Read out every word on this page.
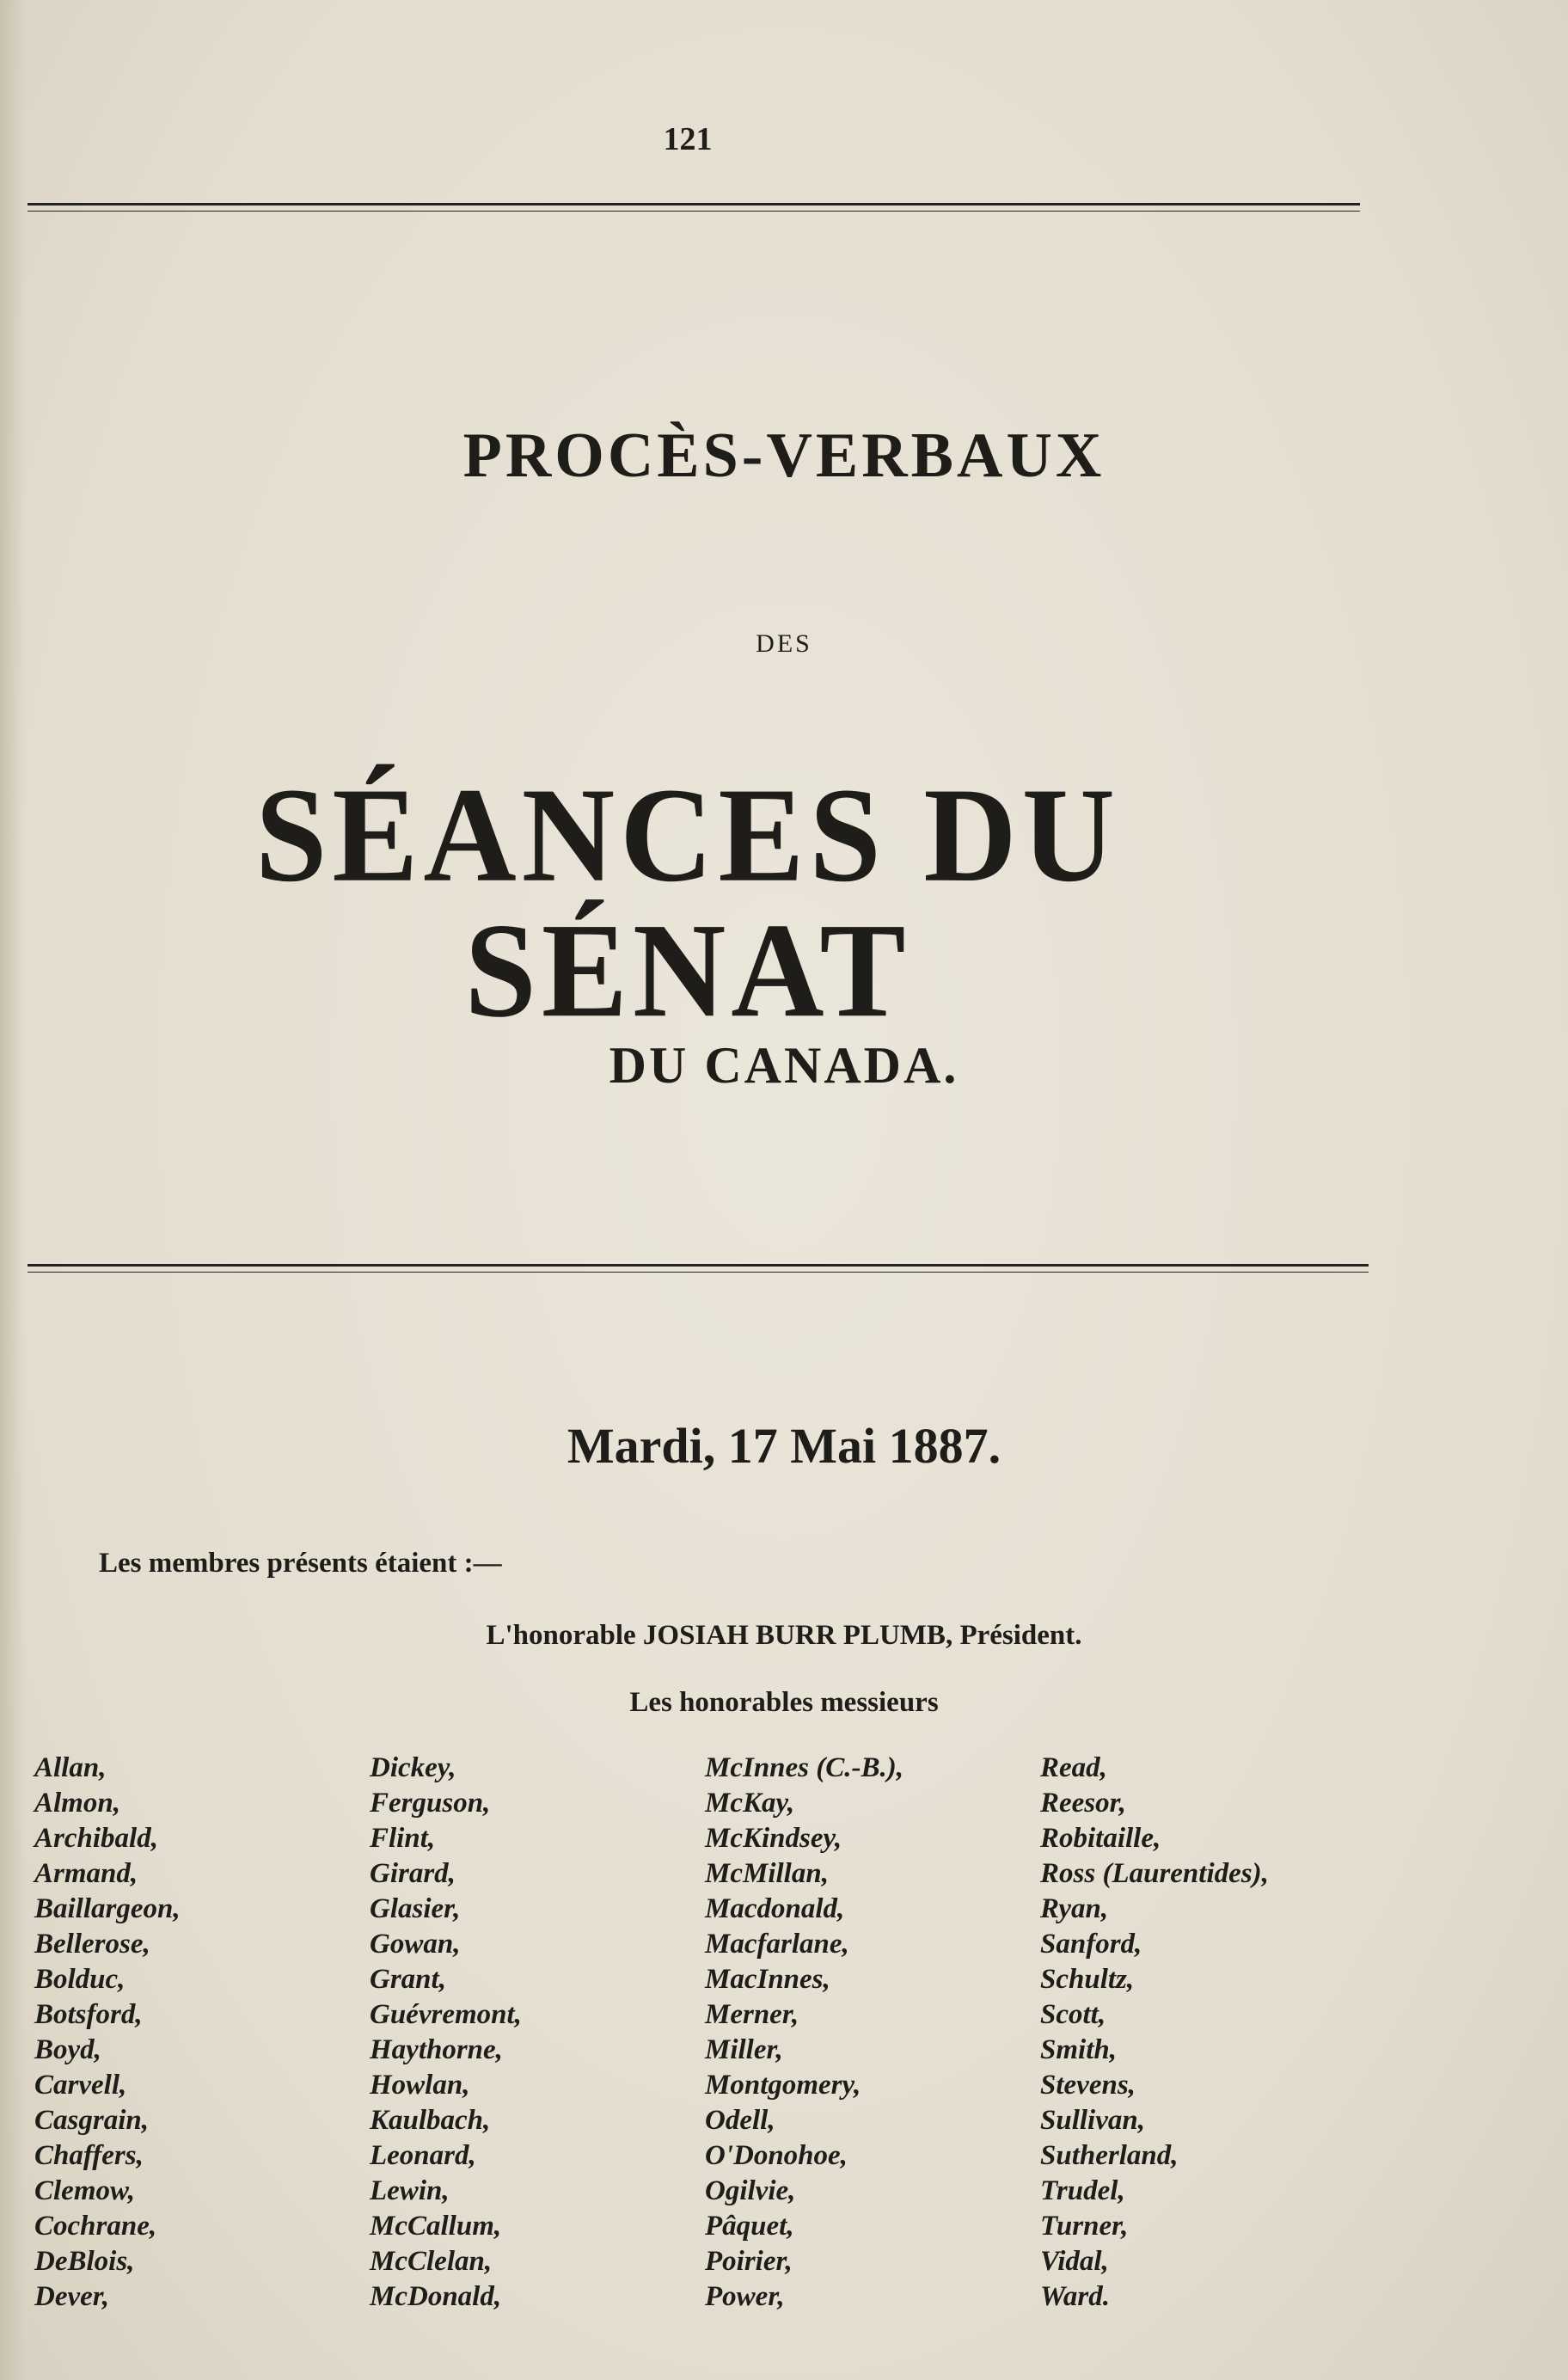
121
PROCÈS-VERBAUX
DES
SÉANCES DU SÉNAT
DU CANADA.
Mardi, 17 Mai 1887.
Les membres présents étaient :—
L'honorable JOSIAH BURR PLUMB, Président.
Les honorables messieurs
Allan,
Almon,
Archibald,
Armand,
Baillargeon,
Bellerose,
Bolduc,
Botsford,
Boyd,
Carvell,
Casgrain,
Chaffers,
Clemow,
Cochrane,
DeBlois,
Dever,
Dickey,
Ferguson,
Flint,
Girard,
Glasier,
Gowan,
Grant,
Guévremont,
Haythorne,
Howlan,
Kaulbach,
Leonard,
Lewin,
McCallum,
McClelan,
McDonald,
McInnes (C.-B.),
McKay,
McKindsey,
McMillan,
Macdonald,
Macfarlane,
MacInnes,
Merner,
Miller,
Montgomery,
Odell,
O'Donohoe,
Ogilvie,
Pâquet,
Poirier,
Power,
Read,
Reesor,
Robitaille,
Ross (Laurentides),
Ryan,
Sanford,
Schultz,
Scott,
Smith,
Stevens,
Sullivan,
Sutherland,
Trudel,
Turner,
Vidal,
Ward.
